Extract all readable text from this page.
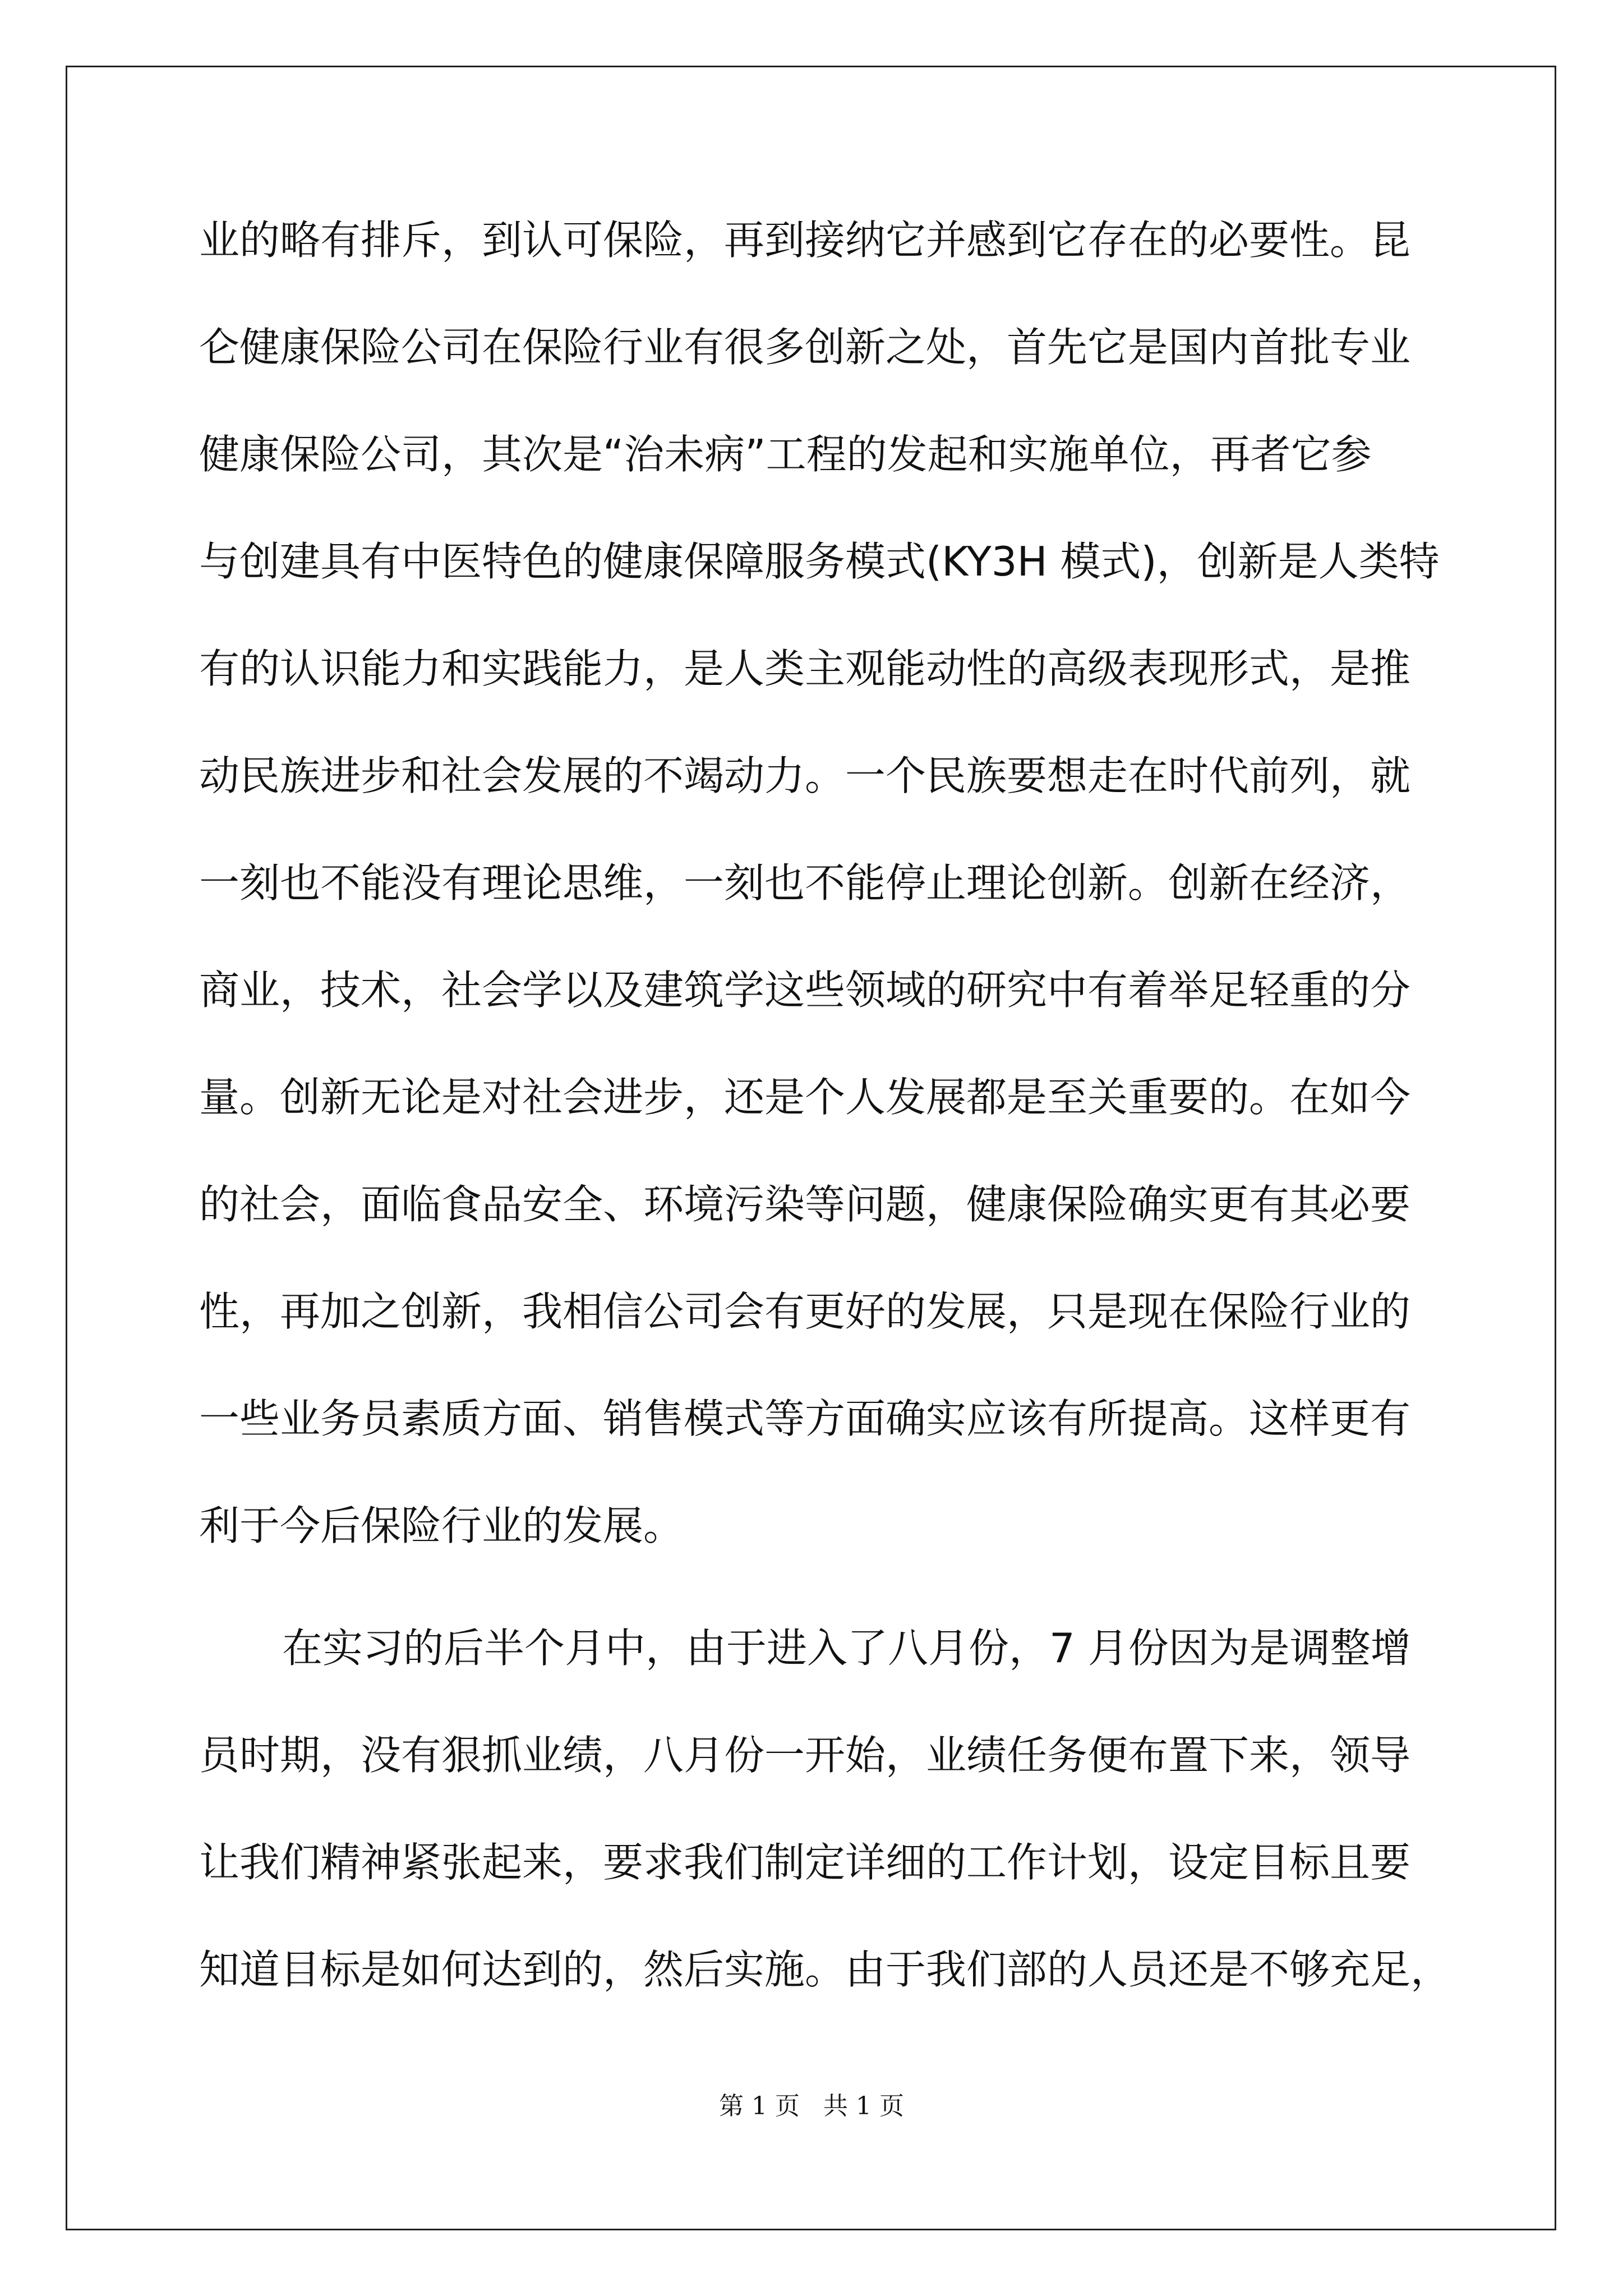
业的略有排斥，到认可保险，再到接纳它并感到它存在的必要性。昆
仑健康保险公司在保险行业有很多创新之处，首先它是国内首批专业
健康保险公司，其次是“治未病”工程的发起和实施单位，再者它参
与创建具有中医特色的健康保障服务模式(KY3H 模式)，创新是人类特
有的认识能力和实践能力，是人类主观能动性的高级表现形式，是推
动民族进步和社会发展的不竭动力。一个民族要想走在时代前列，就
一刻也不能没有理论思维，一刻也不能停止理论创新。创新在经济，
商业，技术，社会学以及建筑学这些领域的研究中有着举足轻重的分
量。创新无论是对社会进步，还是个人发展都是至关重要的。在如今
的社会，面临食品安全、环境污染等问题，健康保险确实更有其必要
性，再加之创新，我相信公司会有更好的发展，只是现在保险行业的
一些业务员素质方面、销售模式等方面确实应该有所提高。这样更有
利于今后保险行业的发展。
在实习的后半个月中，由于进入了八月份，7 月份因为是调整增
员时期，没有狠抓业绩，八月份一开始，业绩任务便布置下来，领导
让我们精神紧张起来，要求我们制定详细的工作计划，设定目标且要
知道目标是如何达到的，然后实施。由于我们部的人员还是不够充足，
第 1 页   共 1 页
